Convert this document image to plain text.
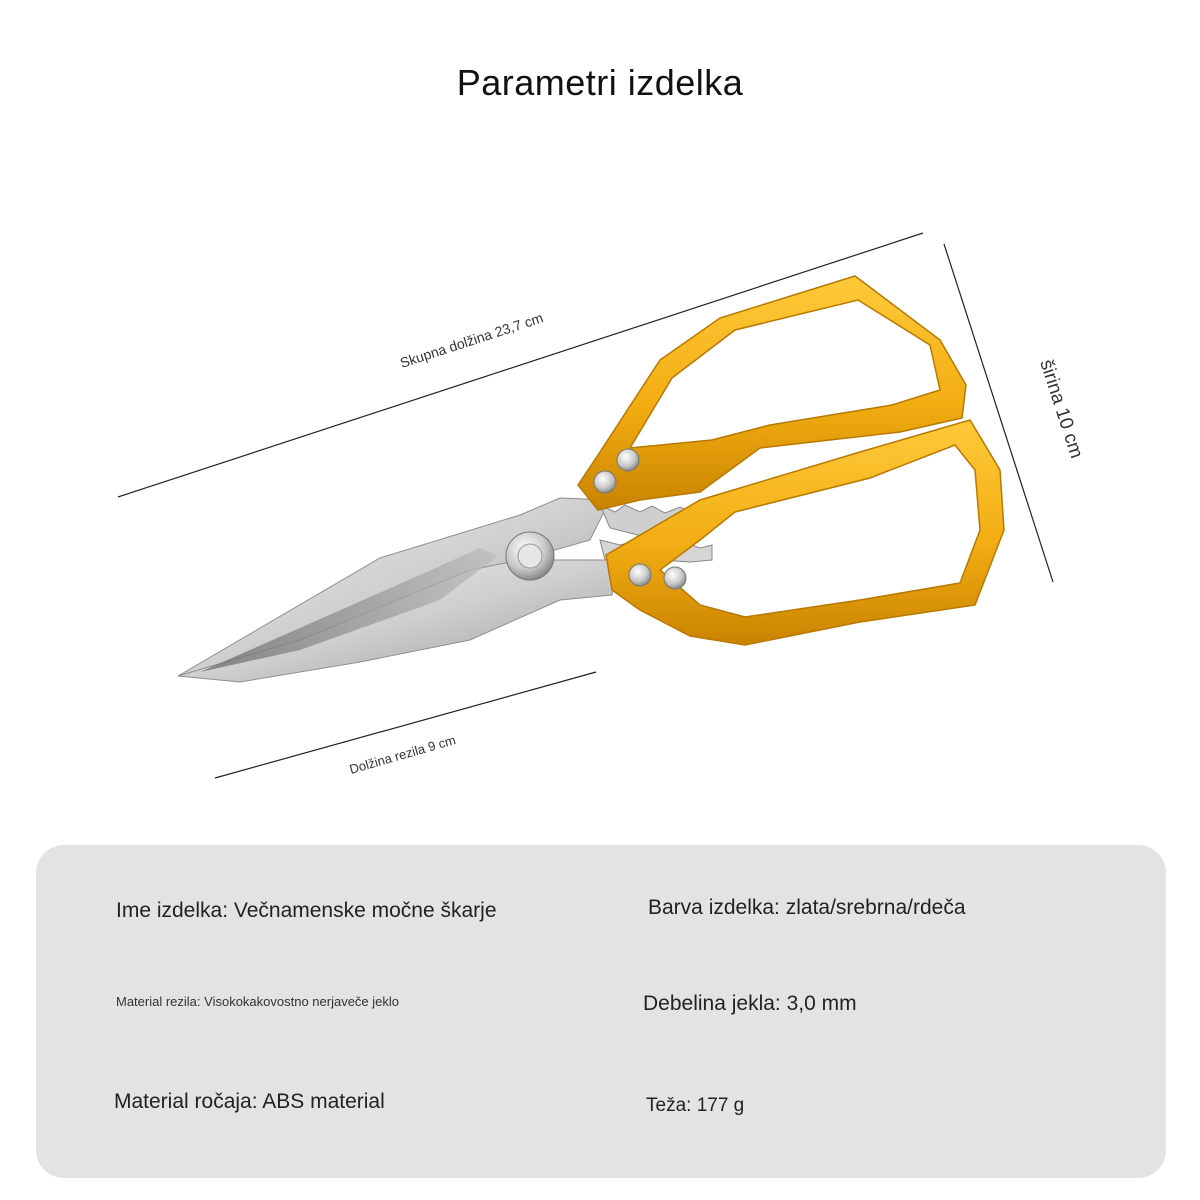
Parametri izdelka
Skupna dolžina 23,7 cm
širina 10 cm
Dolžina rezila 9 cm
Ime izdelka: Večnamenske močne škarje	Barva izdelka: zlata/srebrna/rdeča
Material rezila: Visokokakovostno nerjaveče jeklo	Debelina jekla: 3,0 mm
Material ročaja: ABS material	Teža: 177 g
